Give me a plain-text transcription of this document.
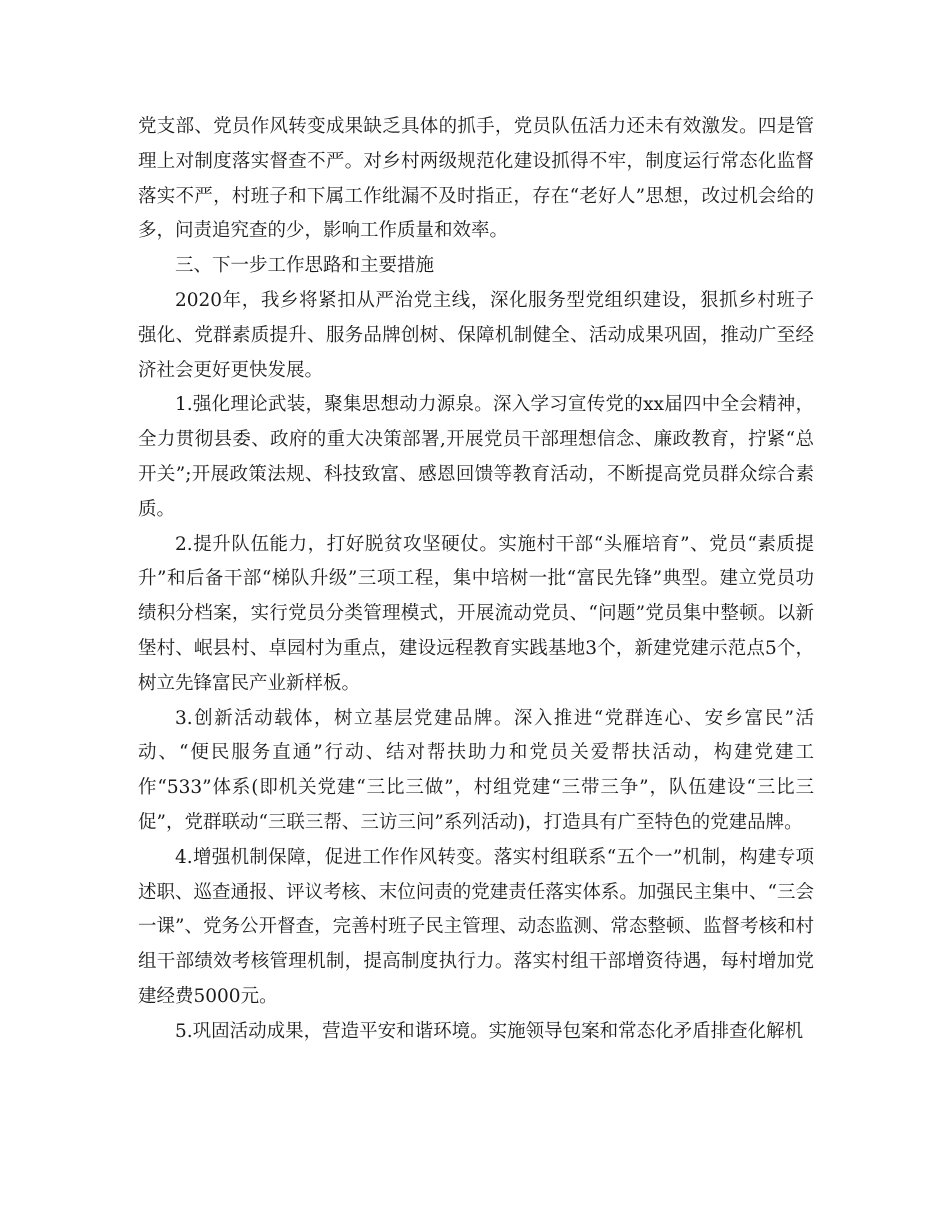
党支部、党员作风转变成果缺乏具体的抓手，党员队伍活力还未有效激发。四是管理上对制度落实督查不严。对乡村两级规范化建设抓得不牢，制度运行常态化监督落实不严，村班子和下属工作纰漏不及时指正，存在“老好人”思想，改过机会给的多，问责追究查的少，影响工作质量和效率。

三、下一步工作思路和主要措施

2020年，我乡将紧扣从严治党主线，深化服务型党组织建设，狠抓乡村班子强化、党群素质提升、服务品牌创树、保障机制健全、活动成果巩固，推动广至经济社会更好更快发展。

1.强化理论武装，聚集思想动力源泉。深入学习宣传党的xx届四中全会精神，全力贯彻县委、政府的重大决策部署,开展党员干部理想信念、廉政教育，拧紧“总开关”;开展政策法规、科技致富、感恩回馈等教育活动，不断提高党员群众综合素质。

2.提升队伍能力，打好脱贫攻坚硬仗。实施村干部“头雁培育”、党员“素质提升”和后备干部“梯队升级”三项工程，集中培树一批“富民先锋”典型。建立党员功绩积分档案，实行党员分类管理模式，开展流动党员、“问题”党员集中整顿。以新堡村、岷县村、卓园村为重点，建设远程教育实践基地3个，新建党建示范点5个，树立先锋富民产业新样板。

3.创新活动载体，树立基层党建品牌。深入推进“党群连心、安乡富民”活动、“便民服务直通”行动、结对帮扶助力和党员关爱帮扶活动，构建党建工作“533”体系(即机关党建“三比三做”，村组党建“三带三争”，队伍建设“三比三促”，党群联动“三联三帮、三访三问”系列活动)，打造具有广至特色的党建品牌。

4.增强机制保障，促进工作作风转变。落实村组联系“五个一”机制，构建专项述职、巡查通报、评议考核、末位问责的党建责任落实体系。加强民主集中、“三会一课”、党务公开督查，完善村班子民主管理、动态监测、常态整顿、监督考核和村组干部绩效考核管理机制，提高制度执行力。落实村组干部增资待遇，每村增加党建经费5000元。

5.巩固活动成果，营造平安和谐环境。实施领导包案和常态化矛盾排查化解机
